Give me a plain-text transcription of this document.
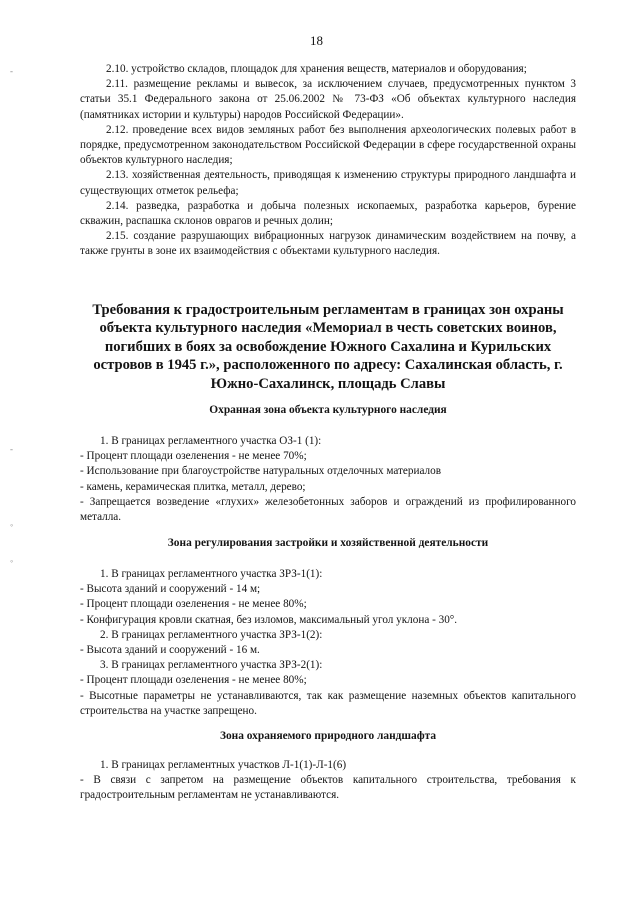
18

2.10. устройство складов, площадок для хранения веществ, материалов и оборудования;

2.11. размещение рекламы и вывесок, за исключением случаев, предусмотренных пунктом 3 статьи 35.1 Федерального закона от 25.06.2002 № 73-ФЗ «Об объектах культурного наследия (памятниках истории и культуры) народов Российской Федерации».

2.12. проведение всех видов земляных работ без выполнения археологических полевых работ в порядке, предусмотренном законодательством Российской Федерации в сфере государственной охраны объектов культурного наследия;

2.13. хозяйственная деятельность, приводящая к изменению структуры природного ландшафта и существующих отметок рельефа;

2.14. разведка, разработка и добыча полезных ископаемых, разработка карьеров, бурение скважин, распашка склонов оврагов и речных долин;

2.15. создание разрушающих вибрационных нагрузок динамическим воздействием на почву, а также грунты в зоне их взаимодействия с объектами культурного наследия.

Требования к градостроительным регламентам в границах зон охраны объекта культурного наследия «Мемориал в честь советских воинов, погибших в боях за освобождение Южного Сахалина и Курильских островов в 1945 г.», расположенного по адресу: Сахалинская область, г. Южно-Сахалинск, площадь Славы
Охранная зона объекта культурного наследия

1. В границах регламентного участка ОЗ-1 (1):

- Процент площади озеленения - не менее 70%;

- Использование при благоустройстве натуральных отделочных материалов

- камень, керамическая плитка, металл, дерево;

- Запрещается возведение «глухих» железобетонных заборов и ограждений из профилированного металла.

Зона регулирования застройки и хозяйственной деятельности

1. В границах регламентного участка ЗРЗ-1(1):

- Высота зданий и сооружений - 14 м;

- Процент площади озеленения - не менее 80%;

- Конфигурация кровли скатная, без изломов, максимальный угол уклона - 30°.

2. В границах регламентного участка ЗРЗ-1(2):

- Высота зданий и сооружений - 16 м.

3. В границах регламентного участка ЗРЗ-2(1):

- Процент площади озеленения - не менее 80%;

- Высотные параметры не устанавливаются, так как размещение наземных объектов капитального строительства на участке запрещено.

Зона охраняемого природного ландшафта

1. В границах регламентных участков Л-1(1)-Л-1(6)

- В связи с запретом на размещение объектов капитального строительства, требования к градостроительным регламентам не устанавливаются.

-
-
◦
◦
